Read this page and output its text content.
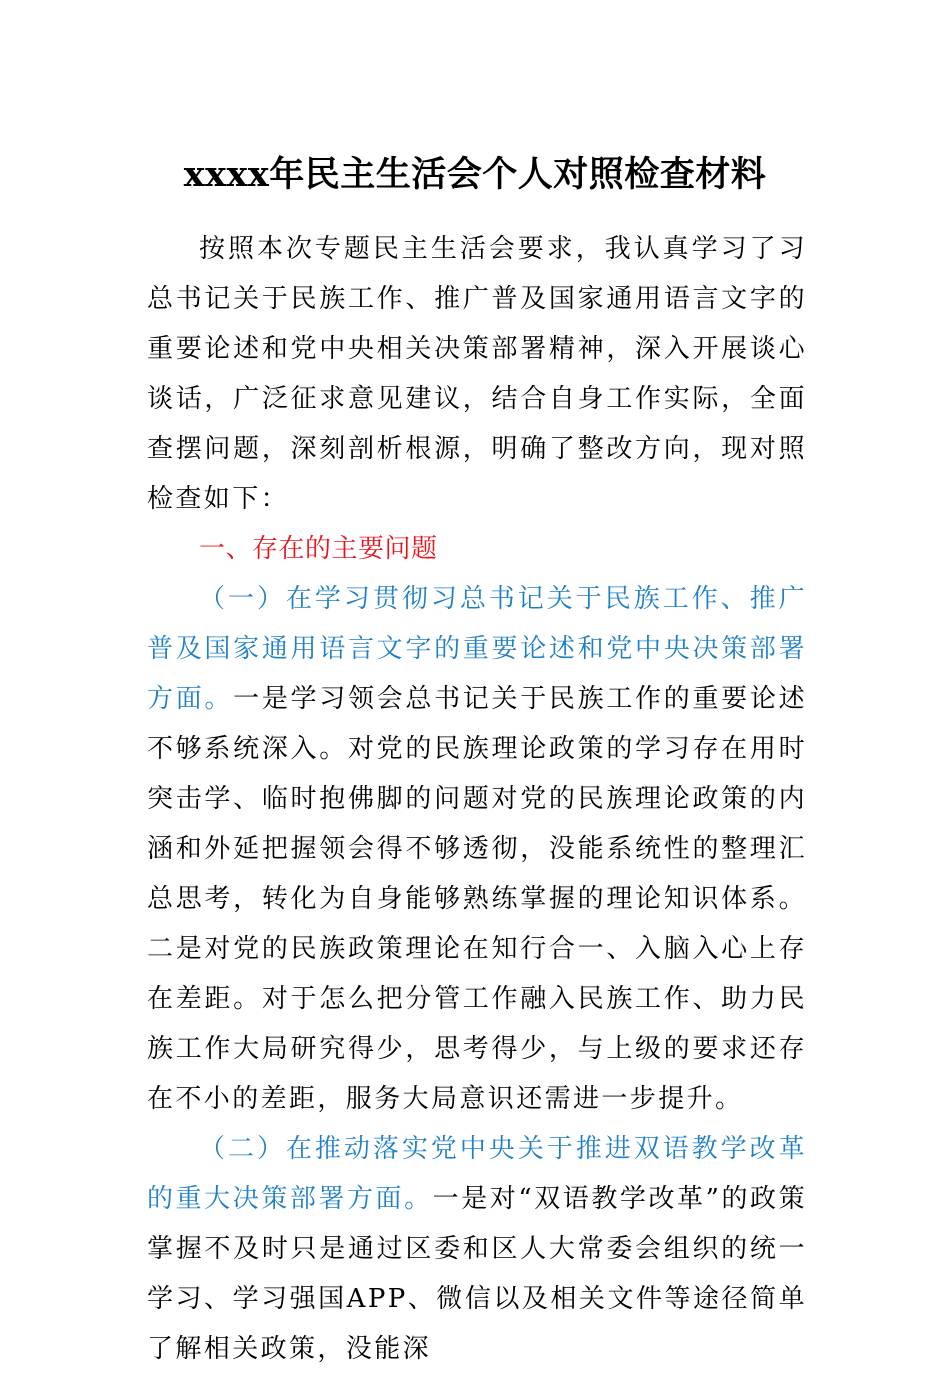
xxxx年民主生活会个人对照检查材料

按照本次专题民主生活会要求，我认真学习了习总书记关于民族工作、推广普及国家通用语言文字的重要论述和党中央相关决策部署精神，深入开展谈心谈话，广泛征求意见建议，结合自身工作实际，全面查摆问题，深刻剖析根源，明确了整改方向，现对照检查如下：

一、存在的主要问题

（一）在学习贯彻习总书记关于民族工作、推广普及国家通用语言文字的重要论述和党中央决策部署方面。一是学习领会总书记关于民族工作的重要论述不够系统深入。对党的民族理论政策的学习存在用时突击学、临时抱佛脚的问题对党的民族理论政策的内涵和外延把握领会得不够透彻，没能系统性的整理汇总思考，转化为自身能够熟练掌握的理论知识体系。二是对党的民族政策理论在知行合一、入脑入心上存在差距。对于怎么把分管工作融入民族工作、助力民族工作大局研究得少，思考得少，与上级的要求还存在不小的差距，服务大局意识还需进一步提升。

（二）在推动落实党中央关于推进双语教学改革的重大决策部署方面。一是对“双语教学改革”的政策掌握不及时只是通过区委和区人大常委会组织的统一学习、学习强国APP、微信以及相关文件等途径简单了解相关政策，没能深
